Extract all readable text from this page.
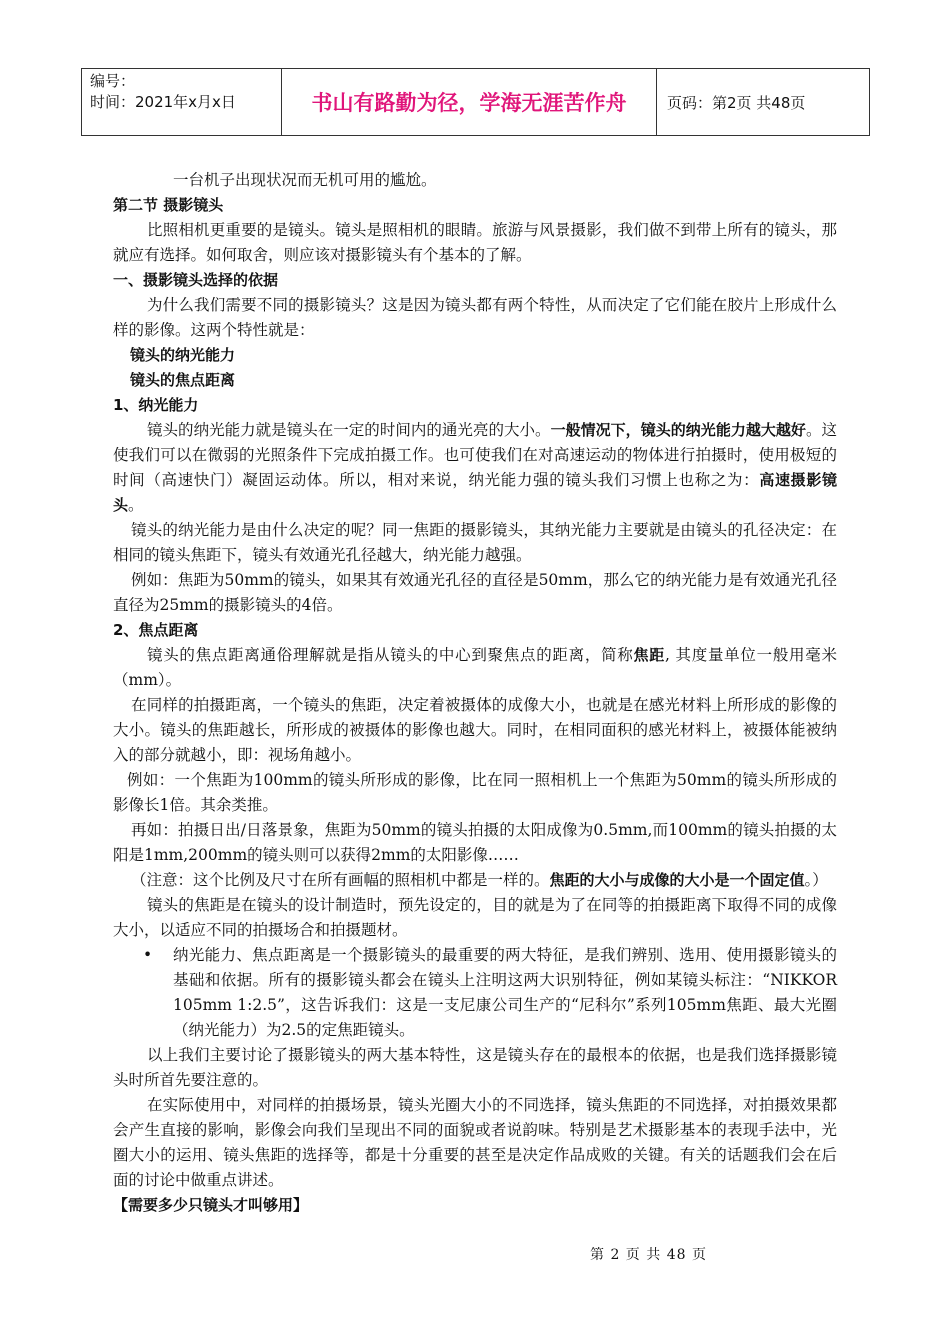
编号：
时间：2021年x月x日	书山有路勤为径，学海无涯苦作舟	页码：第2页 共48页

一台机子出现状况而无机可用的尴尬。

第二节 摄影镜头

比照相机更重要的是镜头。镜头是照相机的眼睛。旅游与风景摄影，我们做不到带上所有的镜头，那就应有选择。如何取舍，则应该对摄影镜头有个基本的了解。

一、摄影镜头选择的依据

为什么我们需要不同的摄影镜头？这是因为镜头都有两个特性，从而决定了它们能在胶片上形成什么样的影像。这两个特性就是：

镜头的纳光能力

镜头的焦点距离

1、纳光能力

镜头的纳光能力就是镜头在一定的时间内的通光亮的大小。一般情况下，镜头的纳光能力越大越好。这使我们可以在微弱的光照条件下完成拍摄工作。也可使我们在对高速运动的物体进行拍摄时，使用极短的时间（高速快门）凝固运动体。所以，相对来说，纳光能力强的镜头我们习惯上也称之为：高速摄影镜头。

镜头的纳光能力是由什么决定的呢？同一焦距的摄影镜头，其纳光能力主要就是由镜头的孔径决定：在相同的镜头焦距下，镜头有效通光孔径越大，纳光能力越强。

例如：焦距为50mm的镜头，如果其有效通光孔径的直径是50mm，那么它的纳光能力是有效通光孔径直径为25mm的摄影镜头的4倍。

2、焦点距离

镜头的焦点距离通俗理解就是指从镜头的中心到聚焦点的距离，简称焦距, 其度量单位一般用毫米（mm）。

在同样的拍摄距离，一个镜头的焦距，决定着被摄体的成像大小，也就是在感光材料上所形成的影像的大小。镜头的焦距越长，所形成的被摄体的影像也越大。同时，在相同面积的感光材料上，被摄体能被纳入的部分就越小，即：视场角越小。

例如：一个焦距为100mm的镜头所形成的影像，比在同一照相机上一个焦距为50mm的镜头所形成的影像长1倍。其余类推。

再如：拍摄日出/日落景象，焦距为50mm的镜头拍摄的太阳成像为0.5mm,而100mm的镜头拍摄的太阳是1mm,200mm的镜头则可以获得2mm的太阳影像……

（注意：这个比例及尺寸在所有画幅的照相机中都是一样的。焦距的大小与成像的大小是一个固定值。）

镜头的焦距是在镜头的设计制造时，预先设定的，目的就是为了在同等的拍摄距离下取得不同的成像大小，以适应不同的拍摄场合和拍摄题材。

•	纳光能力、焦点距离是一个摄影镜头的最重要的两大特征，是我们辨别、选用、使用摄影镜头的基础和依据。所有的摄影镜头都会在镜头上注明这两大识别特征，例如某镜头标注：“NIKKOR 105mm 1:2.5”，这告诉我们：这是一支尼康公司生产的“尼科尔”系列105mm焦距、最大光圈（纳光能力）为2.5的定焦距镜头。

以上我们主要讨论了摄影镜头的两大基本特性，这是镜头存在的最根本的依据，也是我们选择摄影镜头时所首先要注意的。

在实际使用中，对同样的拍摄场景，镜头光圈大小的不同选择，镜头焦距的不同选择，对拍摄效果都会产生直接的影响，影像会向我们呈现出不同的面貌或者说韵味。特别是艺术摄影基本的表现手法中，光圈大小的运用、镜头焦距的选择等，都是十分重要的甚至是决定作品成败的关键。有关的话题我们会在后面的讨论中做重点讲述。

【需要多少只镜头才叫够用】

第 2 页 共 48 页
